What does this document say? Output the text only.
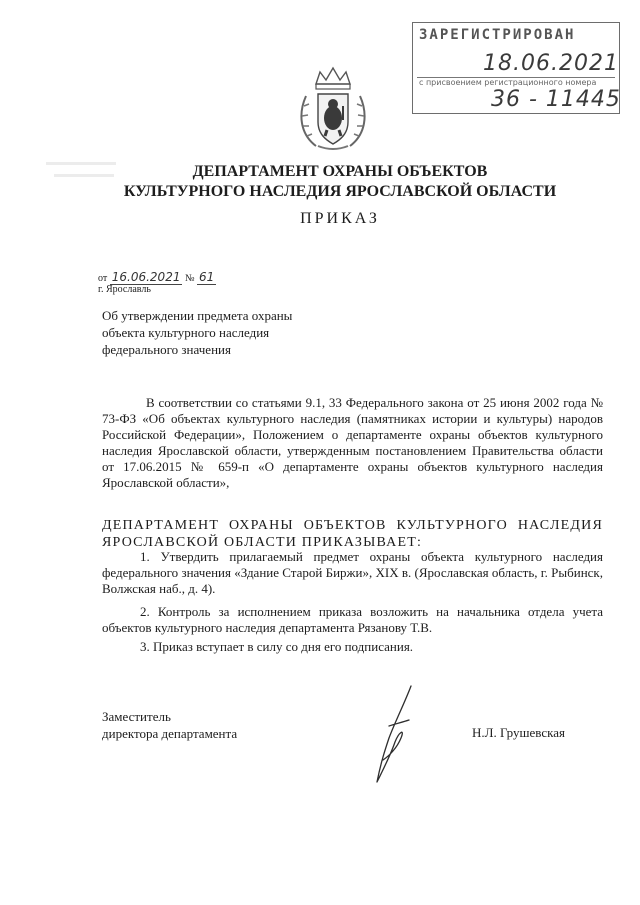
ЗАРЕГИСТРИРОВАН
18.06.2021
с присвоением регистрационного номера
36 - 11445
ДЕПАРТАМЕНТ ОХРАНЫ ОБЪЕКТОВ
КУЛЬТУРНОГО НАСЛЕДИЯ ЯРОСЛАВСКОЙ ОБЛАСТИ
ПРИКАЗ
от 16.06.2021 № 61
г. Ярославль
Об утверждении предмета охраны
объекта культурного наследия
федерального значения
В соответствии со статьями 9.1, 33 Федерального закона от 25 июня 2002 года № 73-ФЗ «Об объектах культурного наследия (памятниках истории и культуры) народов Российской Федерации», Положением о департаменте охраны объектов культурного наследия Ярославской области, утвержденным постановлением Правительства области от 17.06.2015 № 659-п «О департаменте охраны объектов культурного наследия Ярославской области»,
ДЕПАРТАМЕНТ ОХРАНЫ ОБЪЕКТОВ КУЛЬТУРНОГО НАСЛЕДИЯ ЯРОСЛАВСКОЙ ОБЛАСТИ ПРИКАЗЫВАЕТ:
1. Утвердить прилагаемый предмет охраны объекта культурного наследия федерального значения «Здание Старой Биржи», XIX в. (Ярославская область, г. Рыбинск, Волжская наб., д. 4).
2. Контроль за исполнением приказа возложить на начальника отдела учета объектов культурного наследия департамента Рязанову Т.В.
3. Приказ вступает в силу со дня его подписания.
Заместитель
директора департамента	Н.Л. Грушевская
